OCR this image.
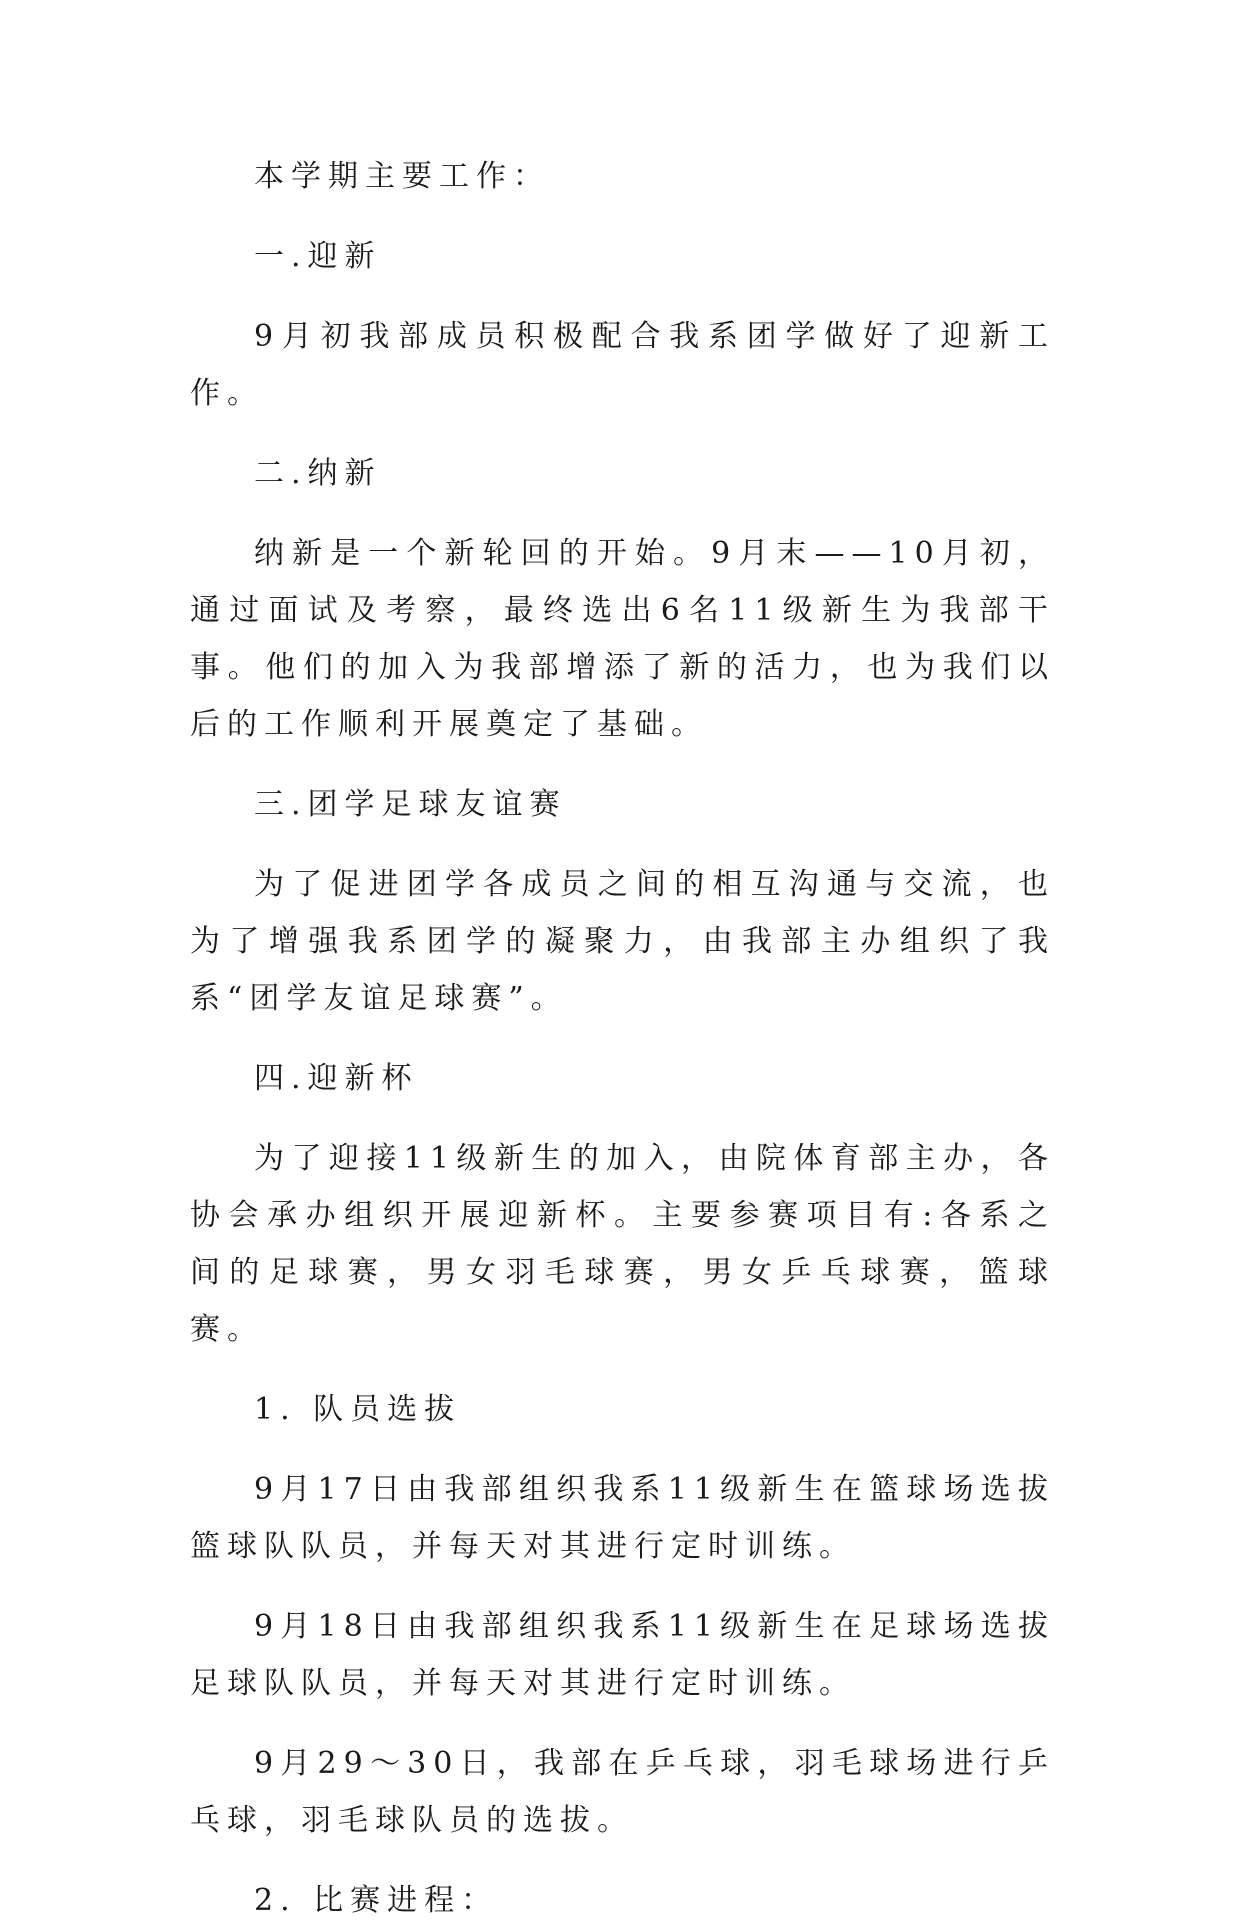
本学期主要工作：

一.迎新

9月初我部成员积极配合我系团学做好了迎新工作。

二.纳新

纳新是一个新轮回的开始。9月末——10月初，通过面试及考察，最终选出6名11级新生为我部干事。他们的加入为我部增添了新的活力，也为我们以后的工作顺利开展奠定了基础。

三.团学足球友谊赛

为了促进团学各成员之间的相互沟通与交流，也为了增强我系团学的凝聚力，由我部主办组织了我系“团学友谊足球赛”。

四.迎新杯

为了迎接11级新生的加入，由院体育部主办，各协会承办组织开展迎新杯。主要参赛项目有:各系之间的足球赛，男女羽毛球赛，男女乒乓球赛，篮球赛。

1. 队员选拔

9月17日由我部组织我系11级新生在篮球场选拔篮球队队员，并每天对其进行定时训练。

9月18日由我部组织我系11级新生在足球场选拔足球队队员，并每天对其进行定时训练。

9月29～30日，我部在乒乓球，羽毛球场进行乒乓球，羽毛球队员的选拔。

2. 比赛进程：
